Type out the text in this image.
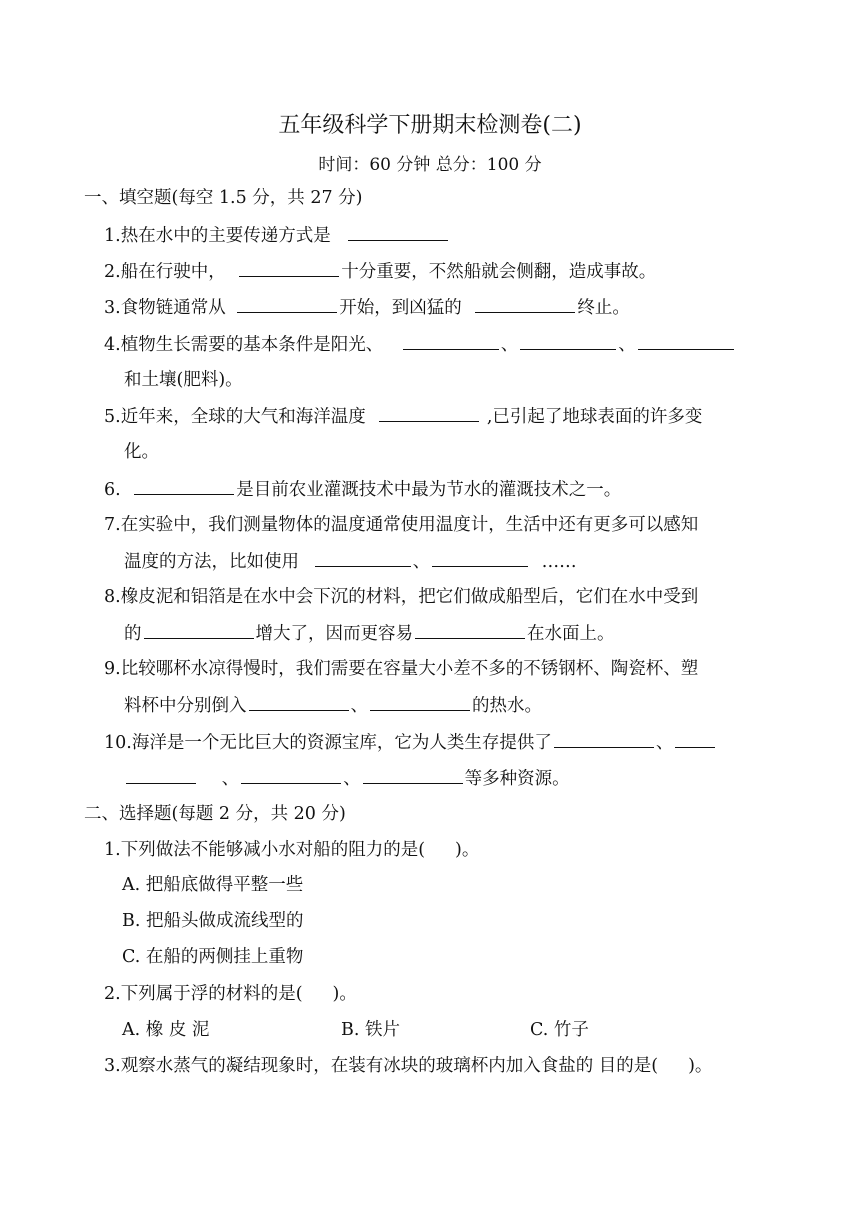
五年级科学下册期末检测卷(二)
时间：60 分钟 总分：100 分
一、填空题(每空 1.5 分，共 27 分)
1.热在水中的主要传递方式是
2.船在行驶中，	十分重要，不然船就会侧翻，造成事故。
3.食物链通常从	开始，到凶猛的	终止。
4.植物生长需要的基本条件是阳光、	、	、
和土壤(肥料)。
5.近年来，全球的大气和海洋温度	,已引起了地球表面的许多变
化。
6.	是目前农业灌溉技术中最为节水的灌溉技术之一。
7.在实验中，我们测量物体的温度通常使用温度计，生活中还有更多可以感知
温度的方法，比如使用	、	……
8.橡皮泥和铝箔是在水中会下沉的材料，把它们做成船型后，它们在水中受到
的	增大了，因而更容易	在水面上。
9.比较哪杯水凉得慢时，我们需要在容量大小差不多的不锈钢杯、陶瓷杯、塑
料杯中分别倒入	、	的热水。
10.海洋是一个无比巨大的资源宝库，它为人类生存提供了	、
、	、	等多种资源。
二、选择题(每题 2 分，共 20 分)
1.下列做法不能够减小水对船的阻力的是( )。
A. 把船底做得平整一些
B. 把船头做成流线型的
C. 在船的两侧挂上重物
2.下列属于浮的材料的是( )。
A. 橡 皮 泥	B. 铁片	C. 竹子
3.观察水蒸气的凝结现象时，在装有冰块的玻璃杯内加入食盐的 目的是( )。
